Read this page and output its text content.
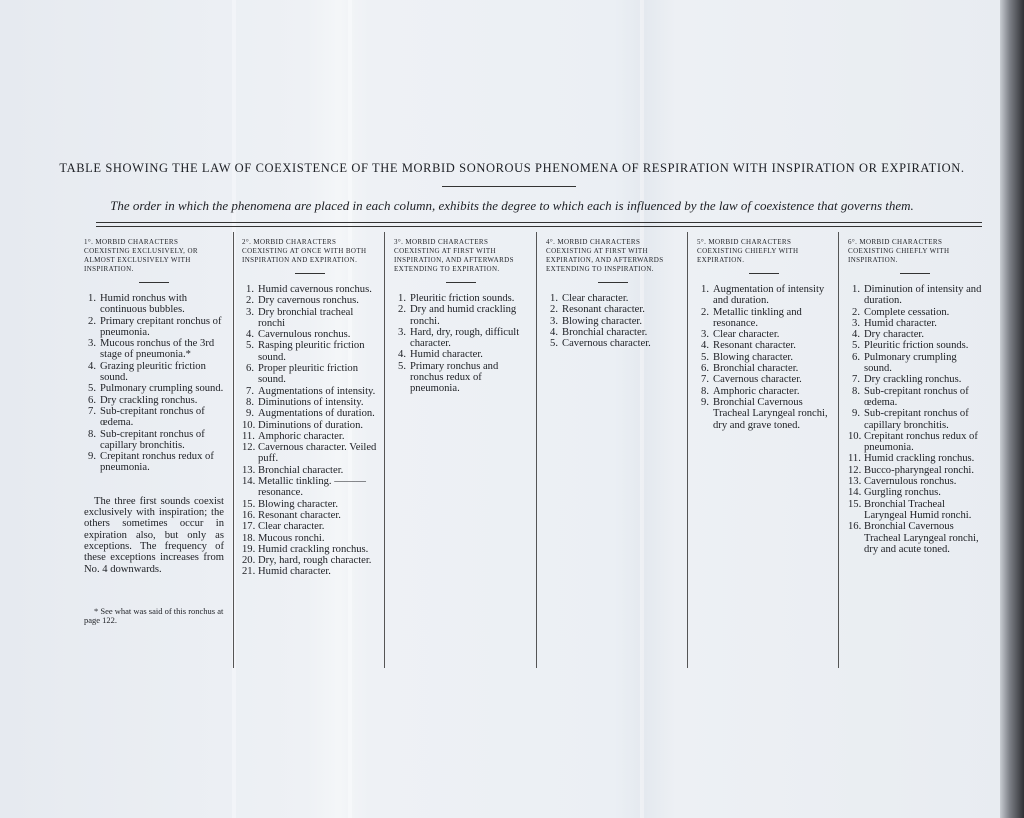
TABLE SHOWING THE LAW OF COEXISTENCE OF THE MORBID SONOROUS PHENOMENA OF RESPIRATION WITH INSPIRATION OR EXPIRATION.
The order in which the phenomena are placed in each column, exhibits the degree to which each is influenced by the law of coexistence that governs them.
1°. MORBID CHARACTERS COEXISTING EXCLUSIVELY, OR ALMOST EXCLUSIVELY WITH INSPIRATION.
1. Humid ronchus with continuous bubbles.
2. Primary crepitant ronchus of pneumonia.
3. Mucous ronchus of the 3rd stage of pneumonia.*
4. Grazing pleuritic friction sound.
5. Pulmonary crumpling sound.
6. Dry crackling ronchus.
7. Sub-crepitant ronchus of œdema.
8. Sub-crepitant ronchus of capillary bronchitis.
9. Crepitant ronchus redux of pneumonia.
The three first sounds coexist exclusively with inspiration; the others sometimes occur in expiration also, but only as exceptions. The frequency of these exceptions increases from No. 4 downwards.
* See what was said of this ronchus at page 122.
2°. MORBID CHARACTERS COEXISTING AT ONCE WITH BOTH INSPIRATION AND EXPIRATION.
1. Humid cavernous ronchus.
2. Dry cavernous ronchus.
3. Dry bronchial tracheal ronchi
4. Cavernulous ronchus.
5. Rasping pleuritic friction sound.
6. Proper pleuritic friction sound.
7. Augmentations of intensity.
8. Diminutions of intensity.
9. Augmentations of duration.
10. Diminutions of duration.
11. Amphoric character.
12. Cavernous character. Veiled puff.
13. Bronchial character.
14. Metallic tinkling. ——— resonance.
15. Blowing character.
16. Resonant character.
17. Clear character.
18. Mucous ronchi.
19. Humid crackling ronchus.
20. Dry, hard, rough character.
21. Humid character.
3°. MORBID CHARACTERS COEXISTING AT FIRST WITH INSPIRATION, AND AFTERWARDS EXTENDING TO EXPIRATION.
1. Pleuritic friction sounds.
2. Dry and humid crackling ronchi.
3. Hard, dry, rough, difficult character.
4. Humid character.
5. Primary ronchus and ronchus redux of pneumonia.
4°. MORBID CHARACTERS COEXISTING AT FIRST WITH EXPIRATION, AND AFTERWARDS EXTENDING TO INSPIRATION.
1. Clear character.
2. Resonant character.
3. Blowing character.
4. Bronchial character.
5. Cavernous character.
5°. MORBID CHARACTERS COEXISTING CHIEFLY WITH EXPIRATION.
1. Augmentation of intensity and duration.
2. Metallic tinkling and resonance.
3. Clear character.
4. Resonant character.
5. Blowing character.
6. Bronchial character.
7. Cavernous character.
8. Amphoric character.
9. Bronchial Cavernous Tracheal Laryngeal ronchi, dry and grave toned.
6°. MORBID CHARACTERS COEXISTING CHIEFLY WITH INSPIRATION.
1. Diminution of intensity and duration.
2. Complete cessation.
3. Humid character.
4. Dry character.
5. Pleuritic friction sounds.
6. Pulmonary crumpling sound.
7. Dry crackling ronchus.
8. Sub-crepitant ronchus of œdema.
9. Sub-crepitant ronchus of capillary bronchitis.
10. Crepitant ronchus redux of pneumonia.
11. Humid crackling ronchus.
12. Bucco-pharyngeal ronchi.
13. Cavernulous ronchus.
14. Gurgling ronchus.
15. Bronchial Tracheal Laryngeal Humid ronchi.
16. Bronchial Cavernous Tracheal Laryngeal ronchi, dry and acute toned.
